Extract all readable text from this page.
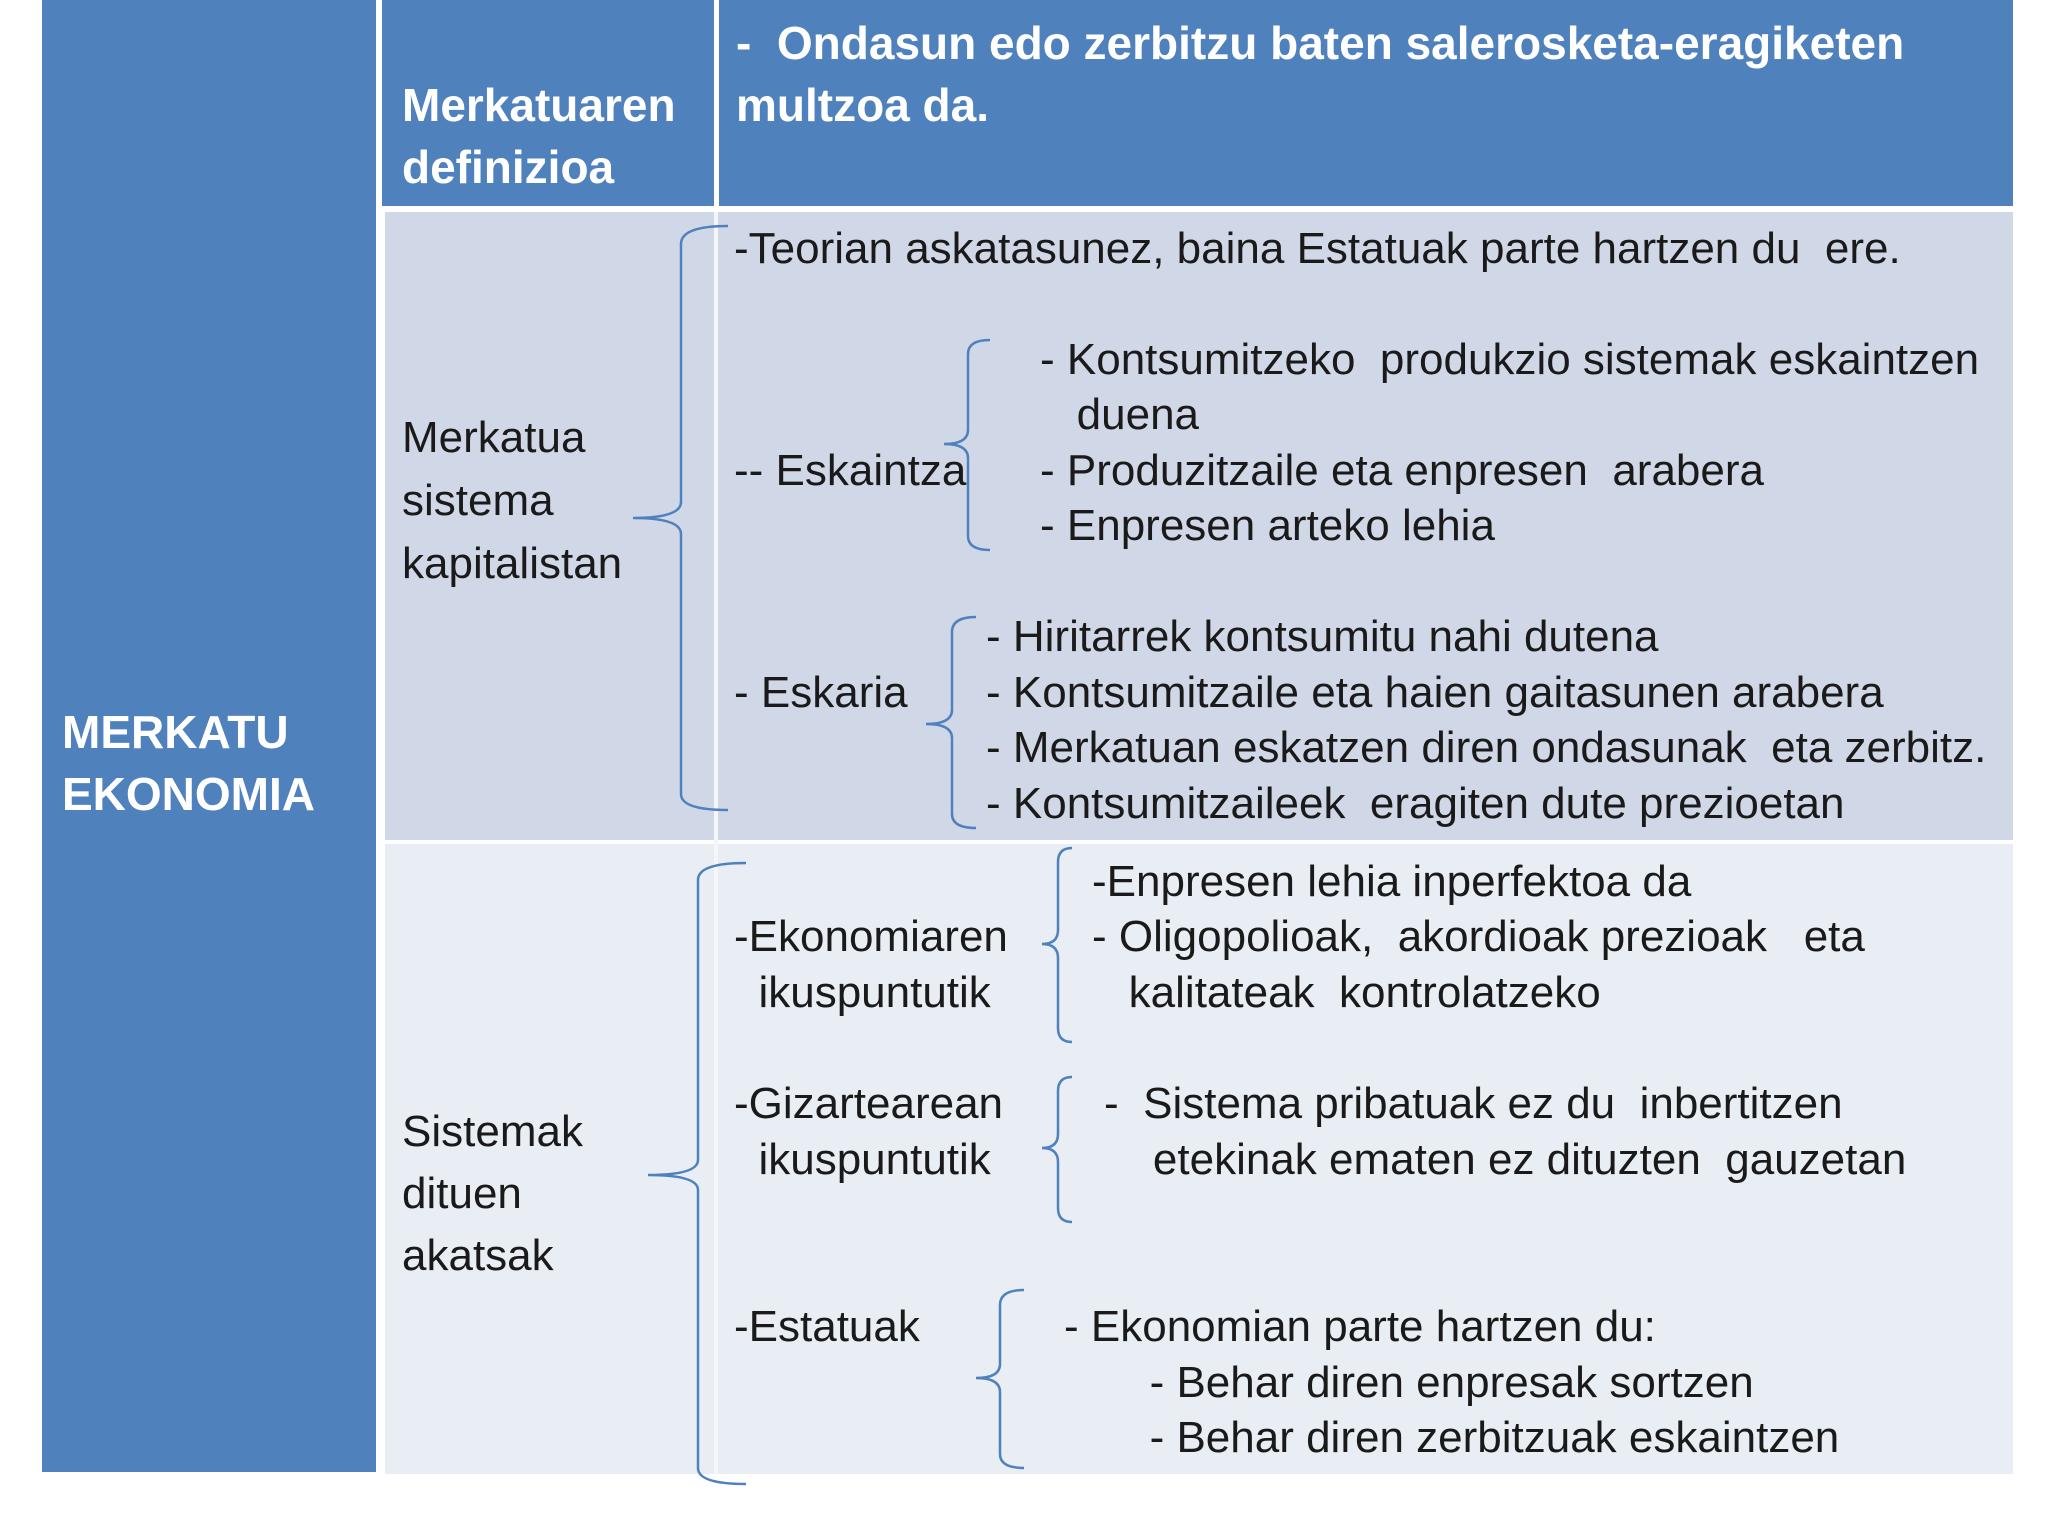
MERKATU
EKONOMIA
Merkatuaren
definizioa
-  Ondasun edo zerbitzu baten salerosketa-eragiketen
multzoa da.
Merkatua
sistema
kapitalistan
-Teorian askatasunez, baina Estatuak parte hartzen du  ere.
-- Eskaintza
- Kontsumitzeko  produkzio sistemak eskaintzen
duena
- Produzitzaile eta enpresen  arabera
- Enpresen arteko lehia
- Eskaria
- Hiritarrek kontsumitu nahi dutena
- Kontsumitzaile eta haien gaitasunen arabera
- Merkatuan eskatzen diren ondasunak  eta zerbitz.
- Kontsumitzaileek  eragiten dute prezioetan
Sistemak
dituen
akatsak
-Ekonomiaren
ikuspuntutik
-Enpresen lehia inperfektoa da
- Oligopolioak,  akordioak prezioak   eta
kalitateak  kontrolatzeko
-Gizartearean
ikuspuntutik
-  Sistema pribatuak ez du  inbertitzen
etekinak ematen ez dituzten  gauzetan
-Estatuak	- Ekonomian parte hartzen du:
- Behar diren enpresak sortzen
- Behar diren zerbitzuak eskaintzen
